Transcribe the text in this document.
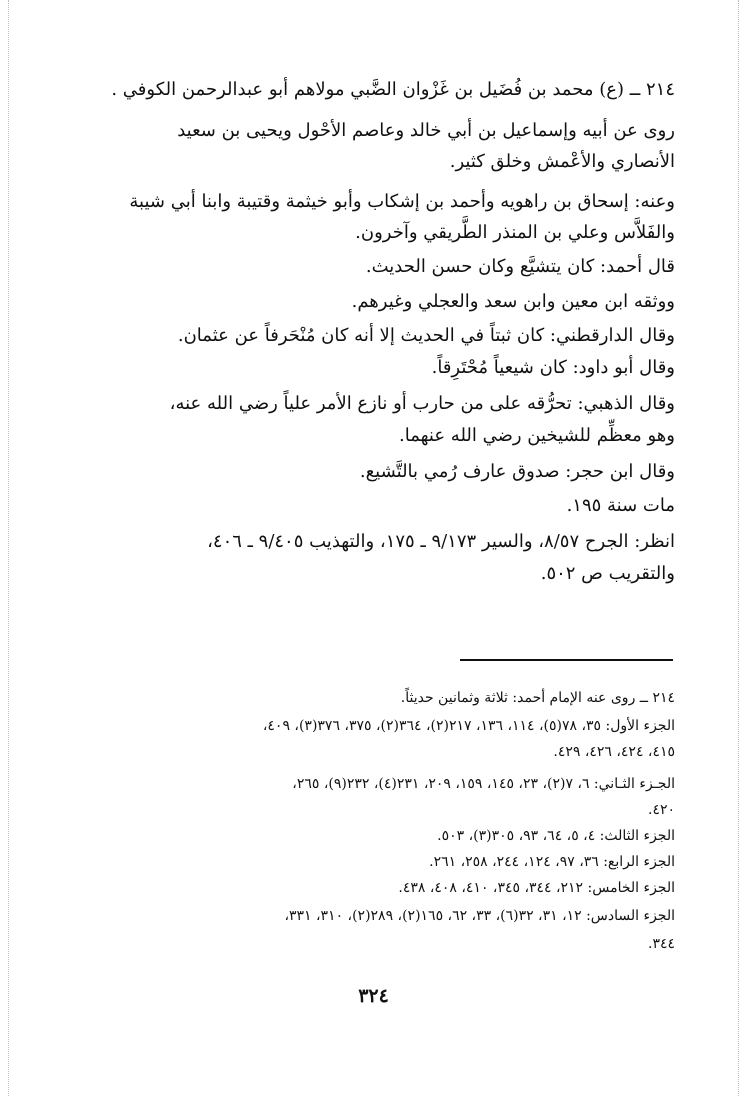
٢١٤ ــ (ع) محمد بن فُضَيل بن غَزْوان الضَّبي مولاهم أبو عبدالرحمن الكوفي .
روى عن أبيه وإسماعيل بن أبي خالد وعاصم الأحْول ويحيى بن سعيد
الأنصاري والأعْمش وخلق كثير.
وعنه: إسحاق بن راهويه وأحمد بن إشكاب وأبو خيثمة وقتيبة وابنا أبي شيبة
والفَلاَّس وعلي بن المنذر الطَّريقي وآخرون.
قال أحمد: كان يتشيَّع وكان حسن الحديث.
ووثقه ابن معين وابن سعد والعجلي وغيرهم.
وقال الدارقطني: كان ثبتاً في الحديث إلا أنه كان مُنْحَرفاً عن عثمان.
وقال أبو داود: كان شيعياً مُحْتَرِقاً.
وقال الذهبي: تحرُّقه على من حارب أو نازع الأمر علياً رضي الله عنه،
وهو معظِّم للشيخين رضي الله عنهما.
وقال ابن حجر: صدوق عارف رُمي بالتَّشيع.
مات سنة ١٩٥.
انظر: الجرح ٨/٥٧، والسير ٩/١٧٣ ـ ١٧٥، والتهذيب ٩/٤٠٥ ـ ٤٠٦،
والتقريب ص ٥٠٢.
٢١٤ ــ روى عنه الإمام أحمد: ثلاثة وثمانين حديثاً.
الجزء الأول: ٣٥، ٧٨(٥)، ١١٤، ١٣٦، ٢١٧(٢)، ٣٦٤(٢)، ٣٧٥، ٣٧٦(٣)، ٤٠٩،
٤١٥، ٤٢٤، ٤٢٦، ٤٢٩.
الجـزء الثـاني: ٦، ٧(٢)، ٢٣، ١٤٥، ١٥٩، ٢٠٩، ٢٣١(٤)، ٢٣٢(٩)، ٢٦٥،
٤٢٠.
الجزء الثالث: ٤، ٥، ٦٤، ٩٣، ٣٠٥(٣)، ٥٠٣.
الجزء الرابع: ٣٦، ٩٧، ١٢٤، ٢٤٤، ٢٥٨، ٢٦١.
الجزء الخامس: ٢١٢، ٣٤٤، ٣٤٥، ٤١٠، ٤٠٨، ٤٣٨.
الجزء السادس: ١٢، ٣١، ٣٢(٦)، ٣٣، ٦٢، ١٦٥(٢)، ٢٨٩(٢)، ٣١٠، ٣٣١،
٣٤٤.
٣٢٤
